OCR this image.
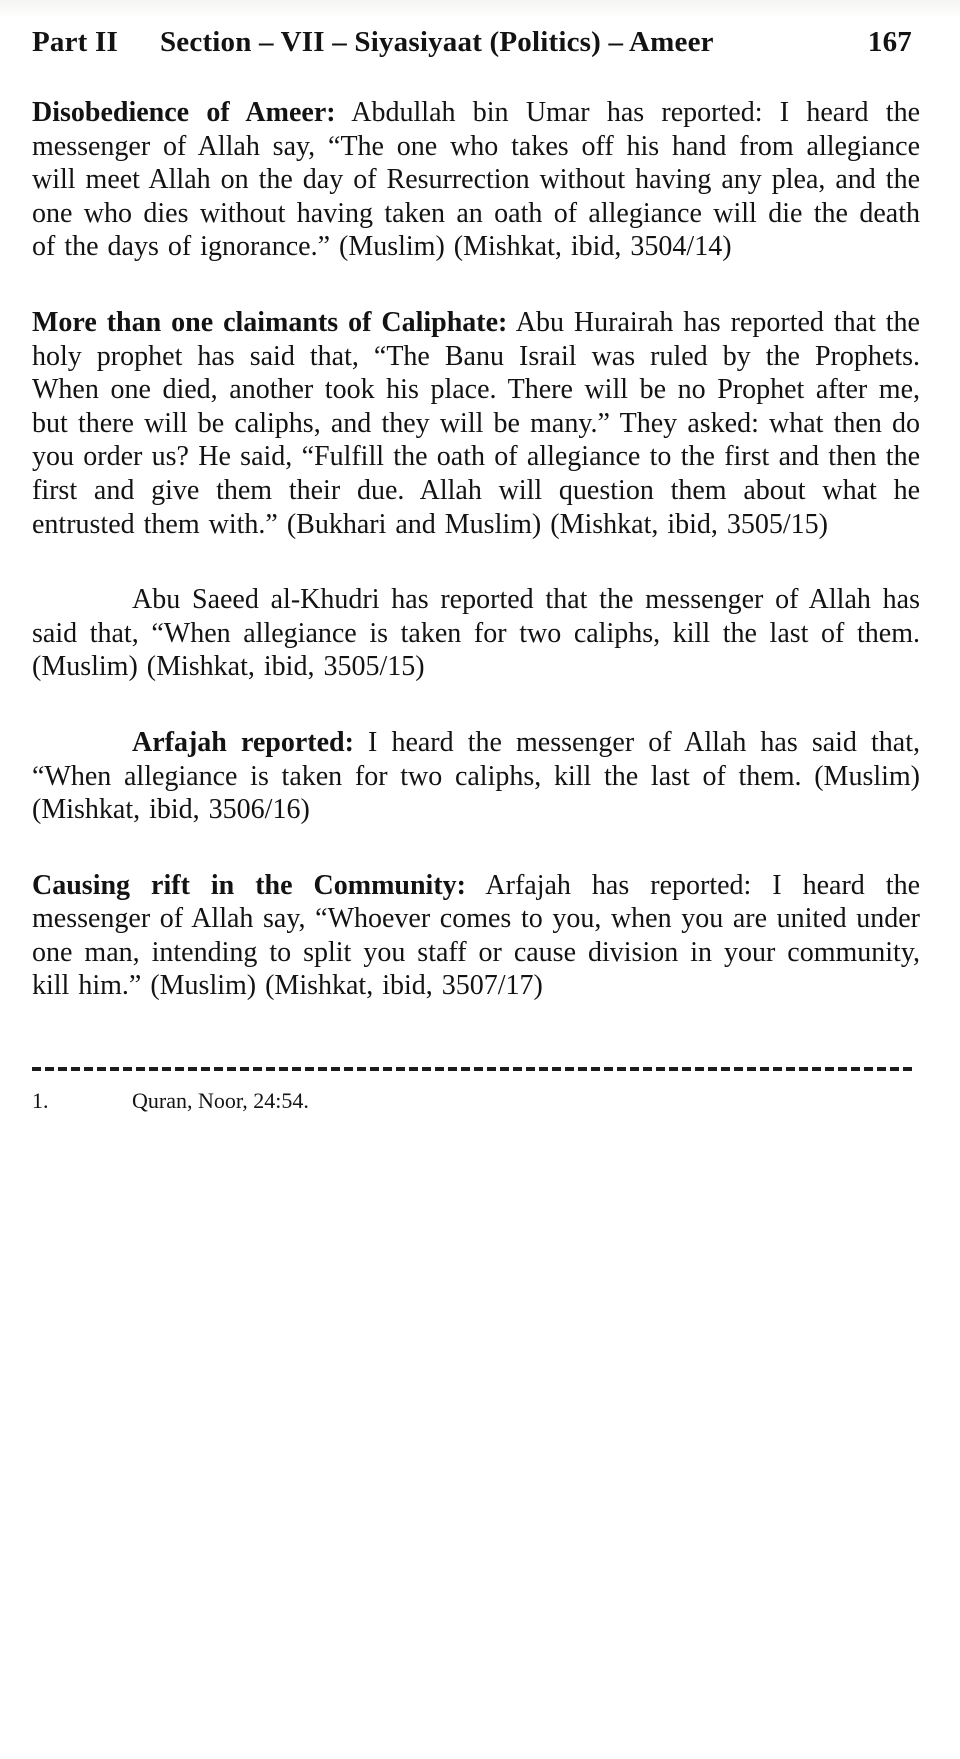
Part II Section – VII – Siyasiyaat (Politics) – Ameer	167

Disobedience of Ameer: Abdullah bin Umar has reported: I heard the messenger of Allah say, “The one who takes off his hand from allegiance will meet Allah on the day of Resurrection without having any plea, and the one who dies without having taken an oath of allegiance will die the death of the days of ignorance.” (Muslim) (Mishkat, ibid, 3504/14)

More than one claimants of Caliphate: Abu Hurairah has reported that the holy prophet has said that, “The Banu Israil was ruled by the Prophets. When one died, another took his place. There will be no Prophet after me, but there will be caliphs, and they will be many.” They asked: what then do you order us? He said, “Fulfill the oath of allegiance to the first and then the first and give them their due. Allah will question them about what he entrusted them with.” (Bukhari and Muslim) (Mishkat, ibid, 3505/15)

Abu Saeed al-Khudri has reported that the messenger of Allah has said that, “When allegiance is taken for two caliphs, kill the last of them. (Muslim) (Mishkat, ibid, 3505/15)

Arfajah reported: I heard the messenger of Allah has said that, “When allegiance is taken for two caliphs, kill the last of them. (Muslim) (Mishkat, ibid, 3506/16)

Causing rift in the Community: Arfajah has reported: I heard the messenger of Allah say, “Whoever comes to you, when you are united under one man, intending to split you staff or cause division in your community, kill him.” (Muslim) (Mishkat, ibid, 3507/17)

1.	Quran, Noor, 24:54.
